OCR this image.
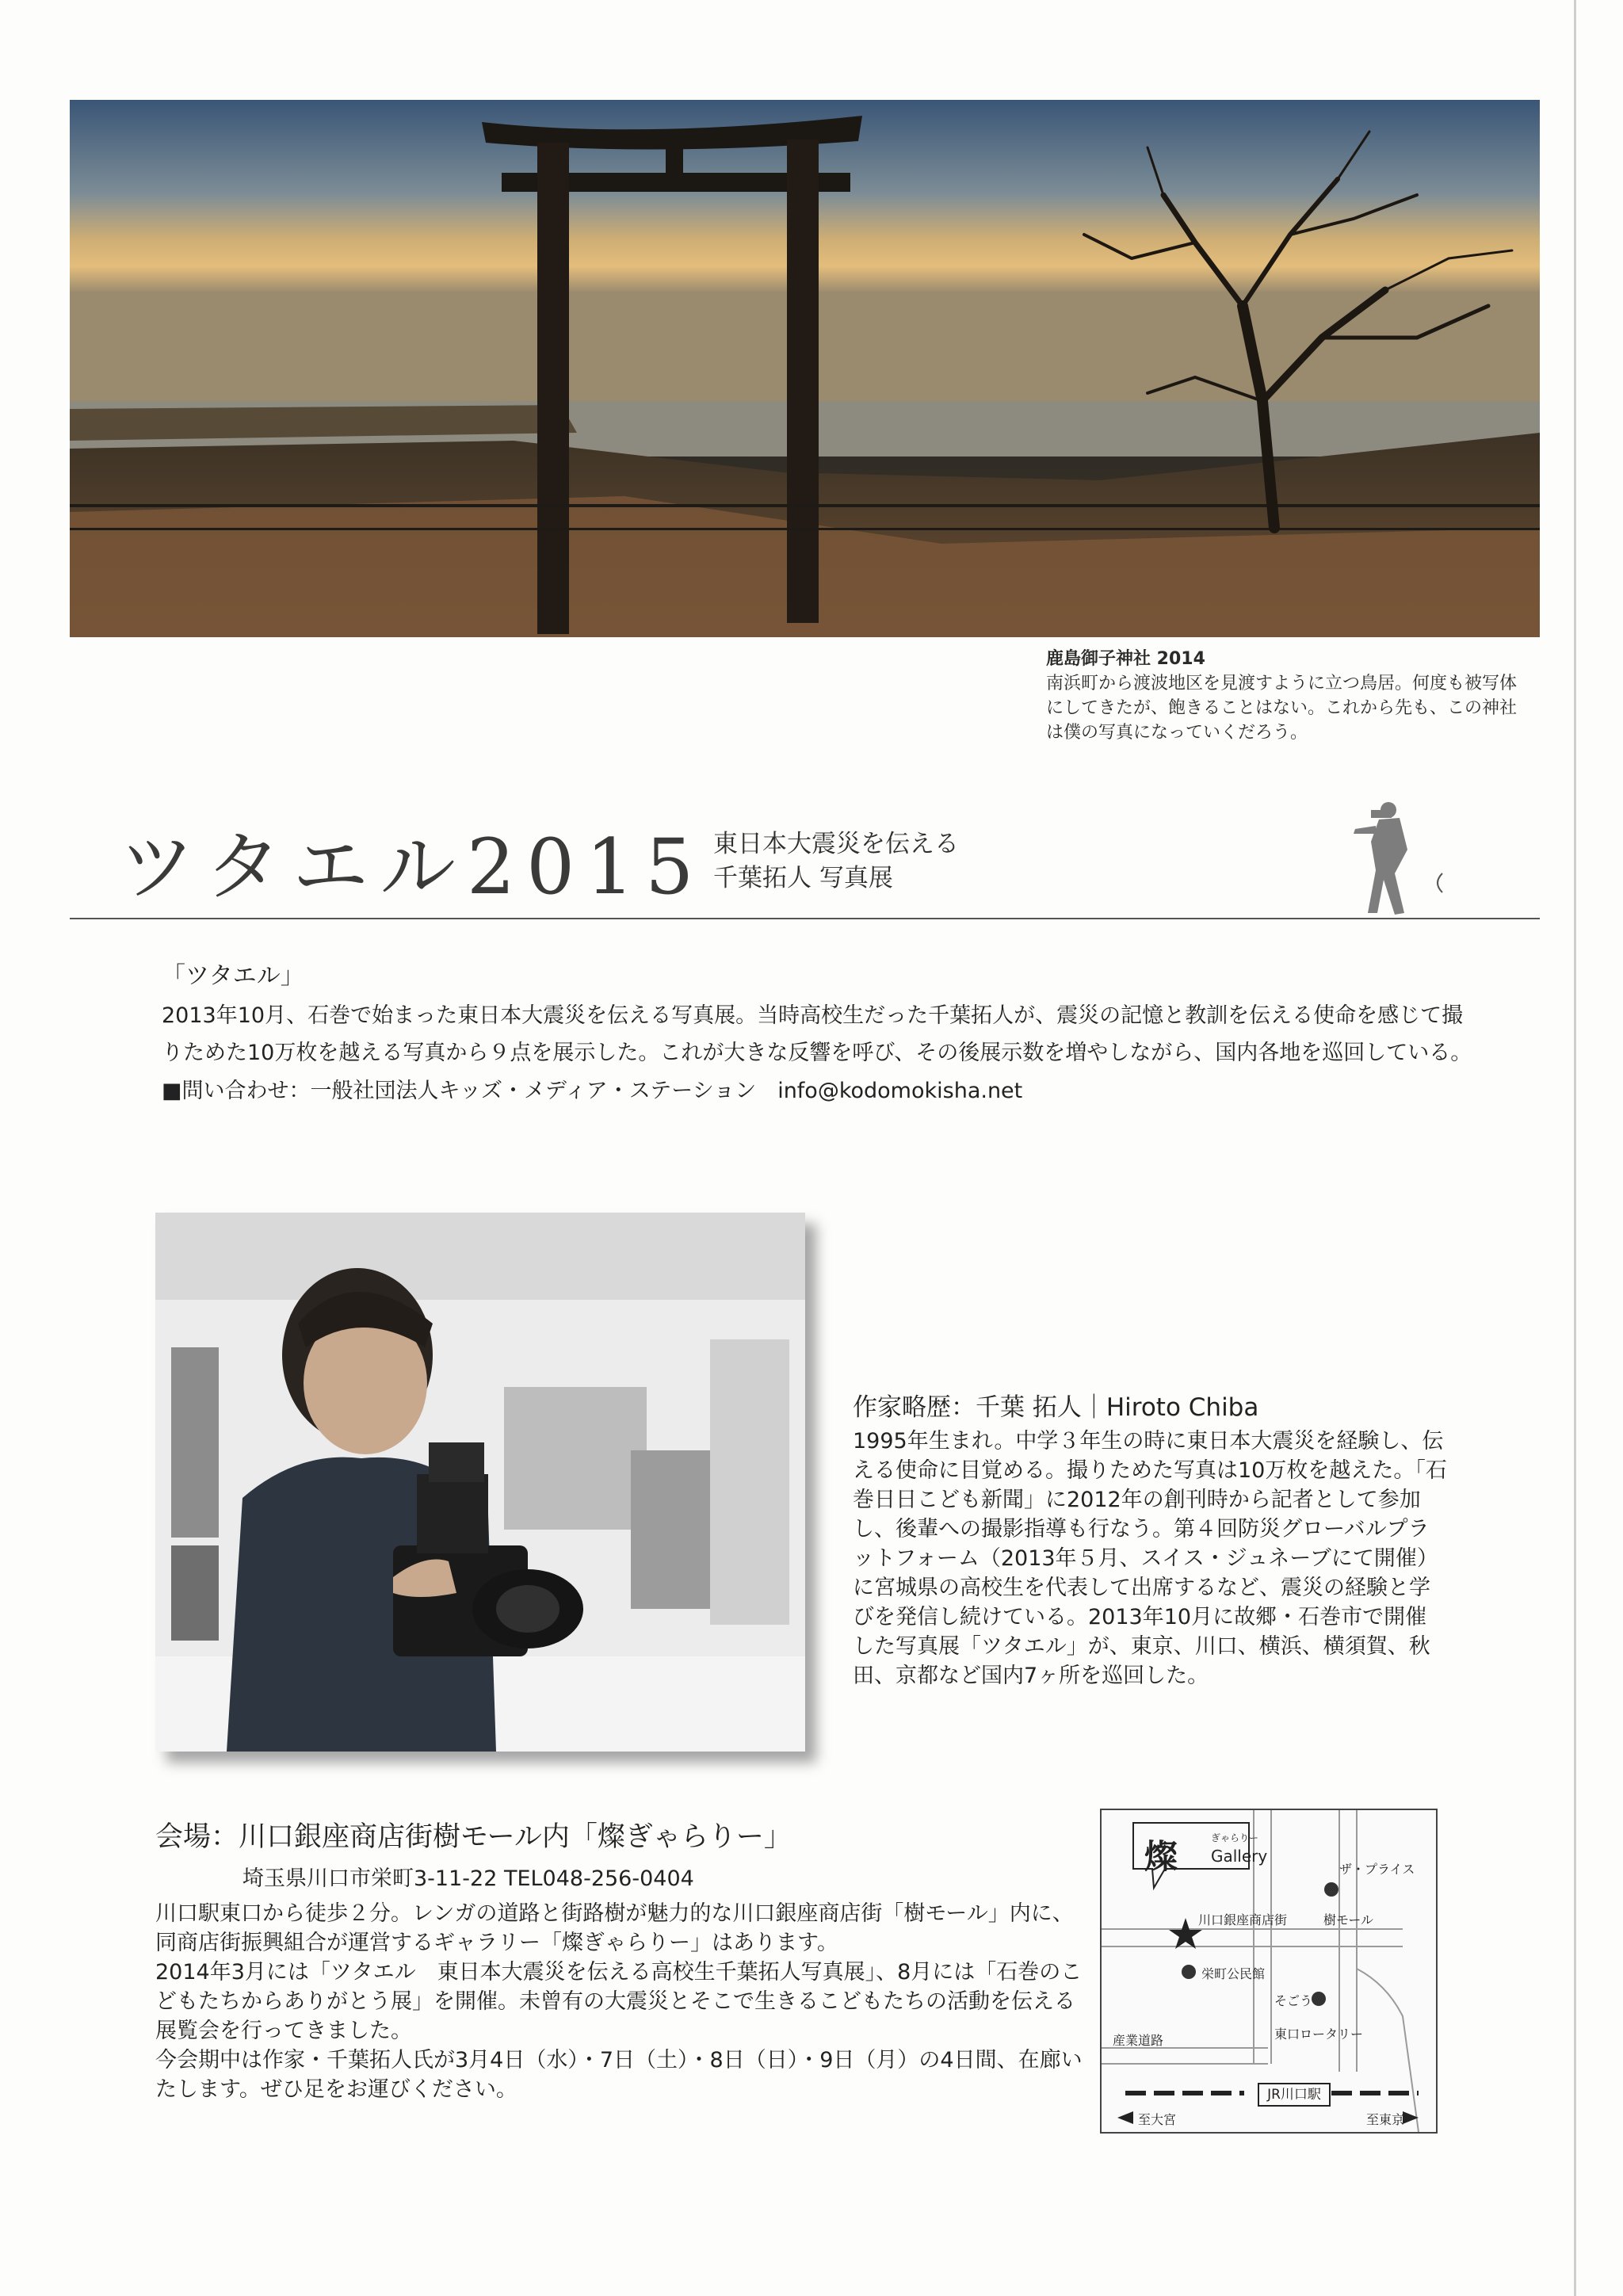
鹿島御子神社 2014
南浜町から渡波地区を見渡すように立つ鳥居。何度も被写体にしてきたが、飽きることはない。これから先も、この神社は僕の写真になっていくだろう。
ツタエル2015 東日本大震災を伝える
千葉拓人 写真展
「ツタエル」
2013年10月、石巻で始まった東日本大震災を伝える写真展。当時高校生だった千葉拓人が、震災の記憶と教訓を伝える使命を感じて撮りためた10万枚を越える写真から９点を展示した。これが大きな反響を呼び、その後展示数を増やしながら、国内各地を巡回している。
■問い合わせ：一般社団法人キッズ・メディア・ステーション　info@kodomokisha.net
作家略歴：千葉 拓人｜Hiroto Chiba
1995年生まれ。中学３年生の時に東日本大震災を経験し、伝える使命に目覚める。撮りためた写真は10万枚を越えた。「石巻日日こども新聞」に2012年の創刊時から記者として参加し、後輩への撮影指導も行なう。第４回防災グローバルプラットフォーム（2013年５月、スイス・ジュネーブにて開催）に宮城県の高校生を代表して出席するなど、震災の経験と学びを発信し続けている。2013年10月に故郷・石巻市で開催した写真展「ツタエル」が、東京、川口、横浜、横須賀、秋田、京都など国内7ヶ所を巡回した。
会場：川口銀座商店街樹モール内「燦ぎゃらりー」
埼玉県川口市栄町3-11-22 TEL048-256-0404
川口駅東口から徒歩２分。レンガの道路と街路樹が魅力的な川口銀座商店街「樹モール」内に、同商店街振興組合が運営するギャラリー「燦ぎゃらりー」はあります。
2014年3月には「ツタエル　東日本大震災を伝える高校生千葉拓人写真展」、8月には「石巻のこどもたちからありがとう展」を開催。未曾有の大震災とそこで生きるこどもたちの活動を伝える展覧会を行ってきました。
今会期中は作家・千葉拓人氏が3月4日（水）・7日（土）・8日（日）・9日（月）の4日間、在廊いたします。ぜひ足をお運びください。
燦	ぎゃらりー
Gallery
ザ・プライス
川口銀座商店街	樹モール
栄町公民館
そごう
東口ロータリー
産業道路
JR川口駅
至大宮	至東京
